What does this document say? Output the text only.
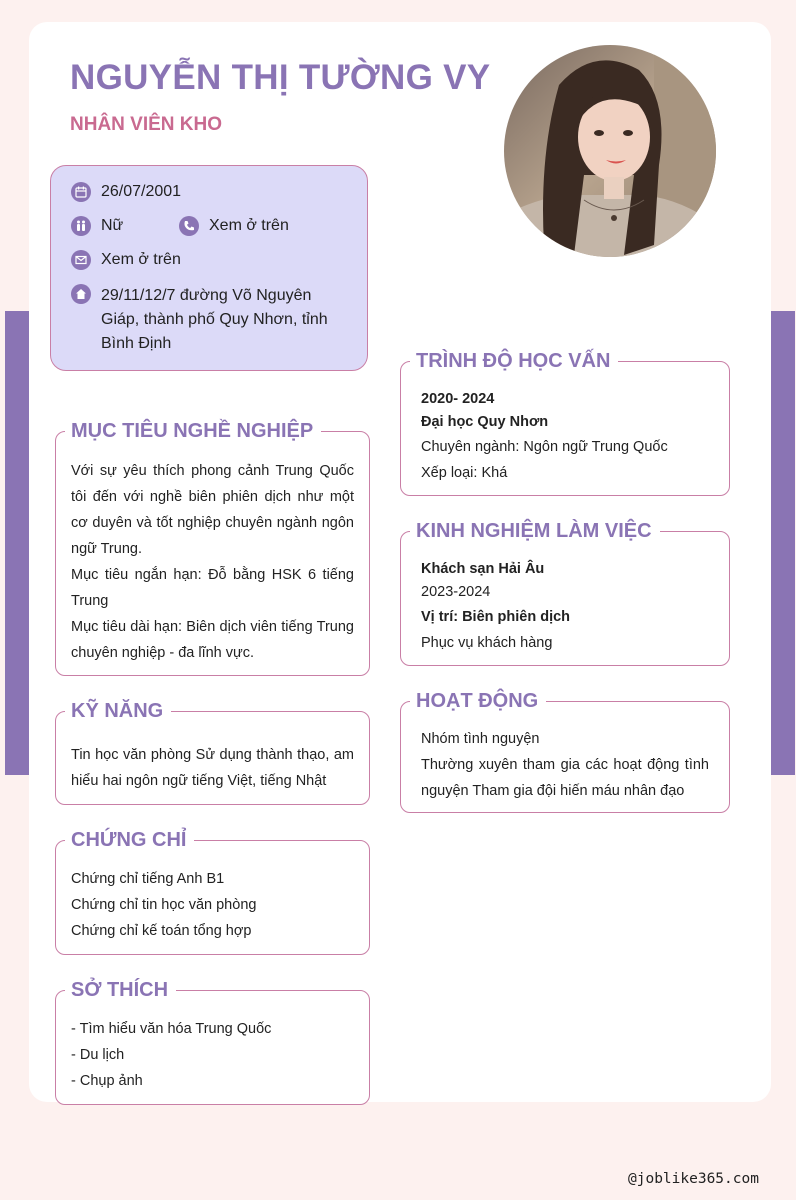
NGUYỄN THỊ TƯỜNG VY
NHÂN VIÊN KHO
26/07/2001
Nữ	Xem ở trên
Xem ở trên
29/11/12/7 đường Võ Nguyên Giáp, thành phố Quy Nhơn, tỉnh Bình Định
MỤC TIÊU NGHỀ NGHIỆP

Với sự yêu thích phong cảnh Trung Quốc tôi đến với nghề biên phiên dịch như một cơ duyên và tốt nghiệp chuyên ngành ngôn ngữ Trung.

Mục tiêu ngắn hạn: Đỗ bằng HSK 6 tiếng Trung

Mục tiêu dài hạn: Biên dịch viên tiếng Trung chuyên nghiệp - đa lĩnh vực.

KỸ NĂNG

Tin học văn phòng Sử dụng thành thạo, am hiểu hai ngôn ngữ tiếng Việt, tiếng Nhật

CHỨNG CHỈ

Chứng chỉ tiếng Anh B1

Chứng chỉ tin học văn phòng

Chứng chỉ kế toán tổng hợp

SỞ THÍCH

- Tìm hiểu văn hóa Trung Quốc

- Du lịch

- Chụp ảnh

TRÌNH ĐỘ HỌC VẤN

2020- 2024

Đại học Quy Nhơn

Chuyên ngành: Ngôn ngữ Trung Quốc

Xếp loại: Khá

KINH NGHIỆM LÀM VIỆC

Khách sạn Hải Âu

2023-2024

Vị trí: Biên phiên dịch

Phục vụ khách hàng

HOẠT ĐỘNG

Nhóm tình nguyện

Thường xuyên tham gia các hoạt động tình nguyện Tham gia đội hiến máu nhân đạo

@joblike365.com
